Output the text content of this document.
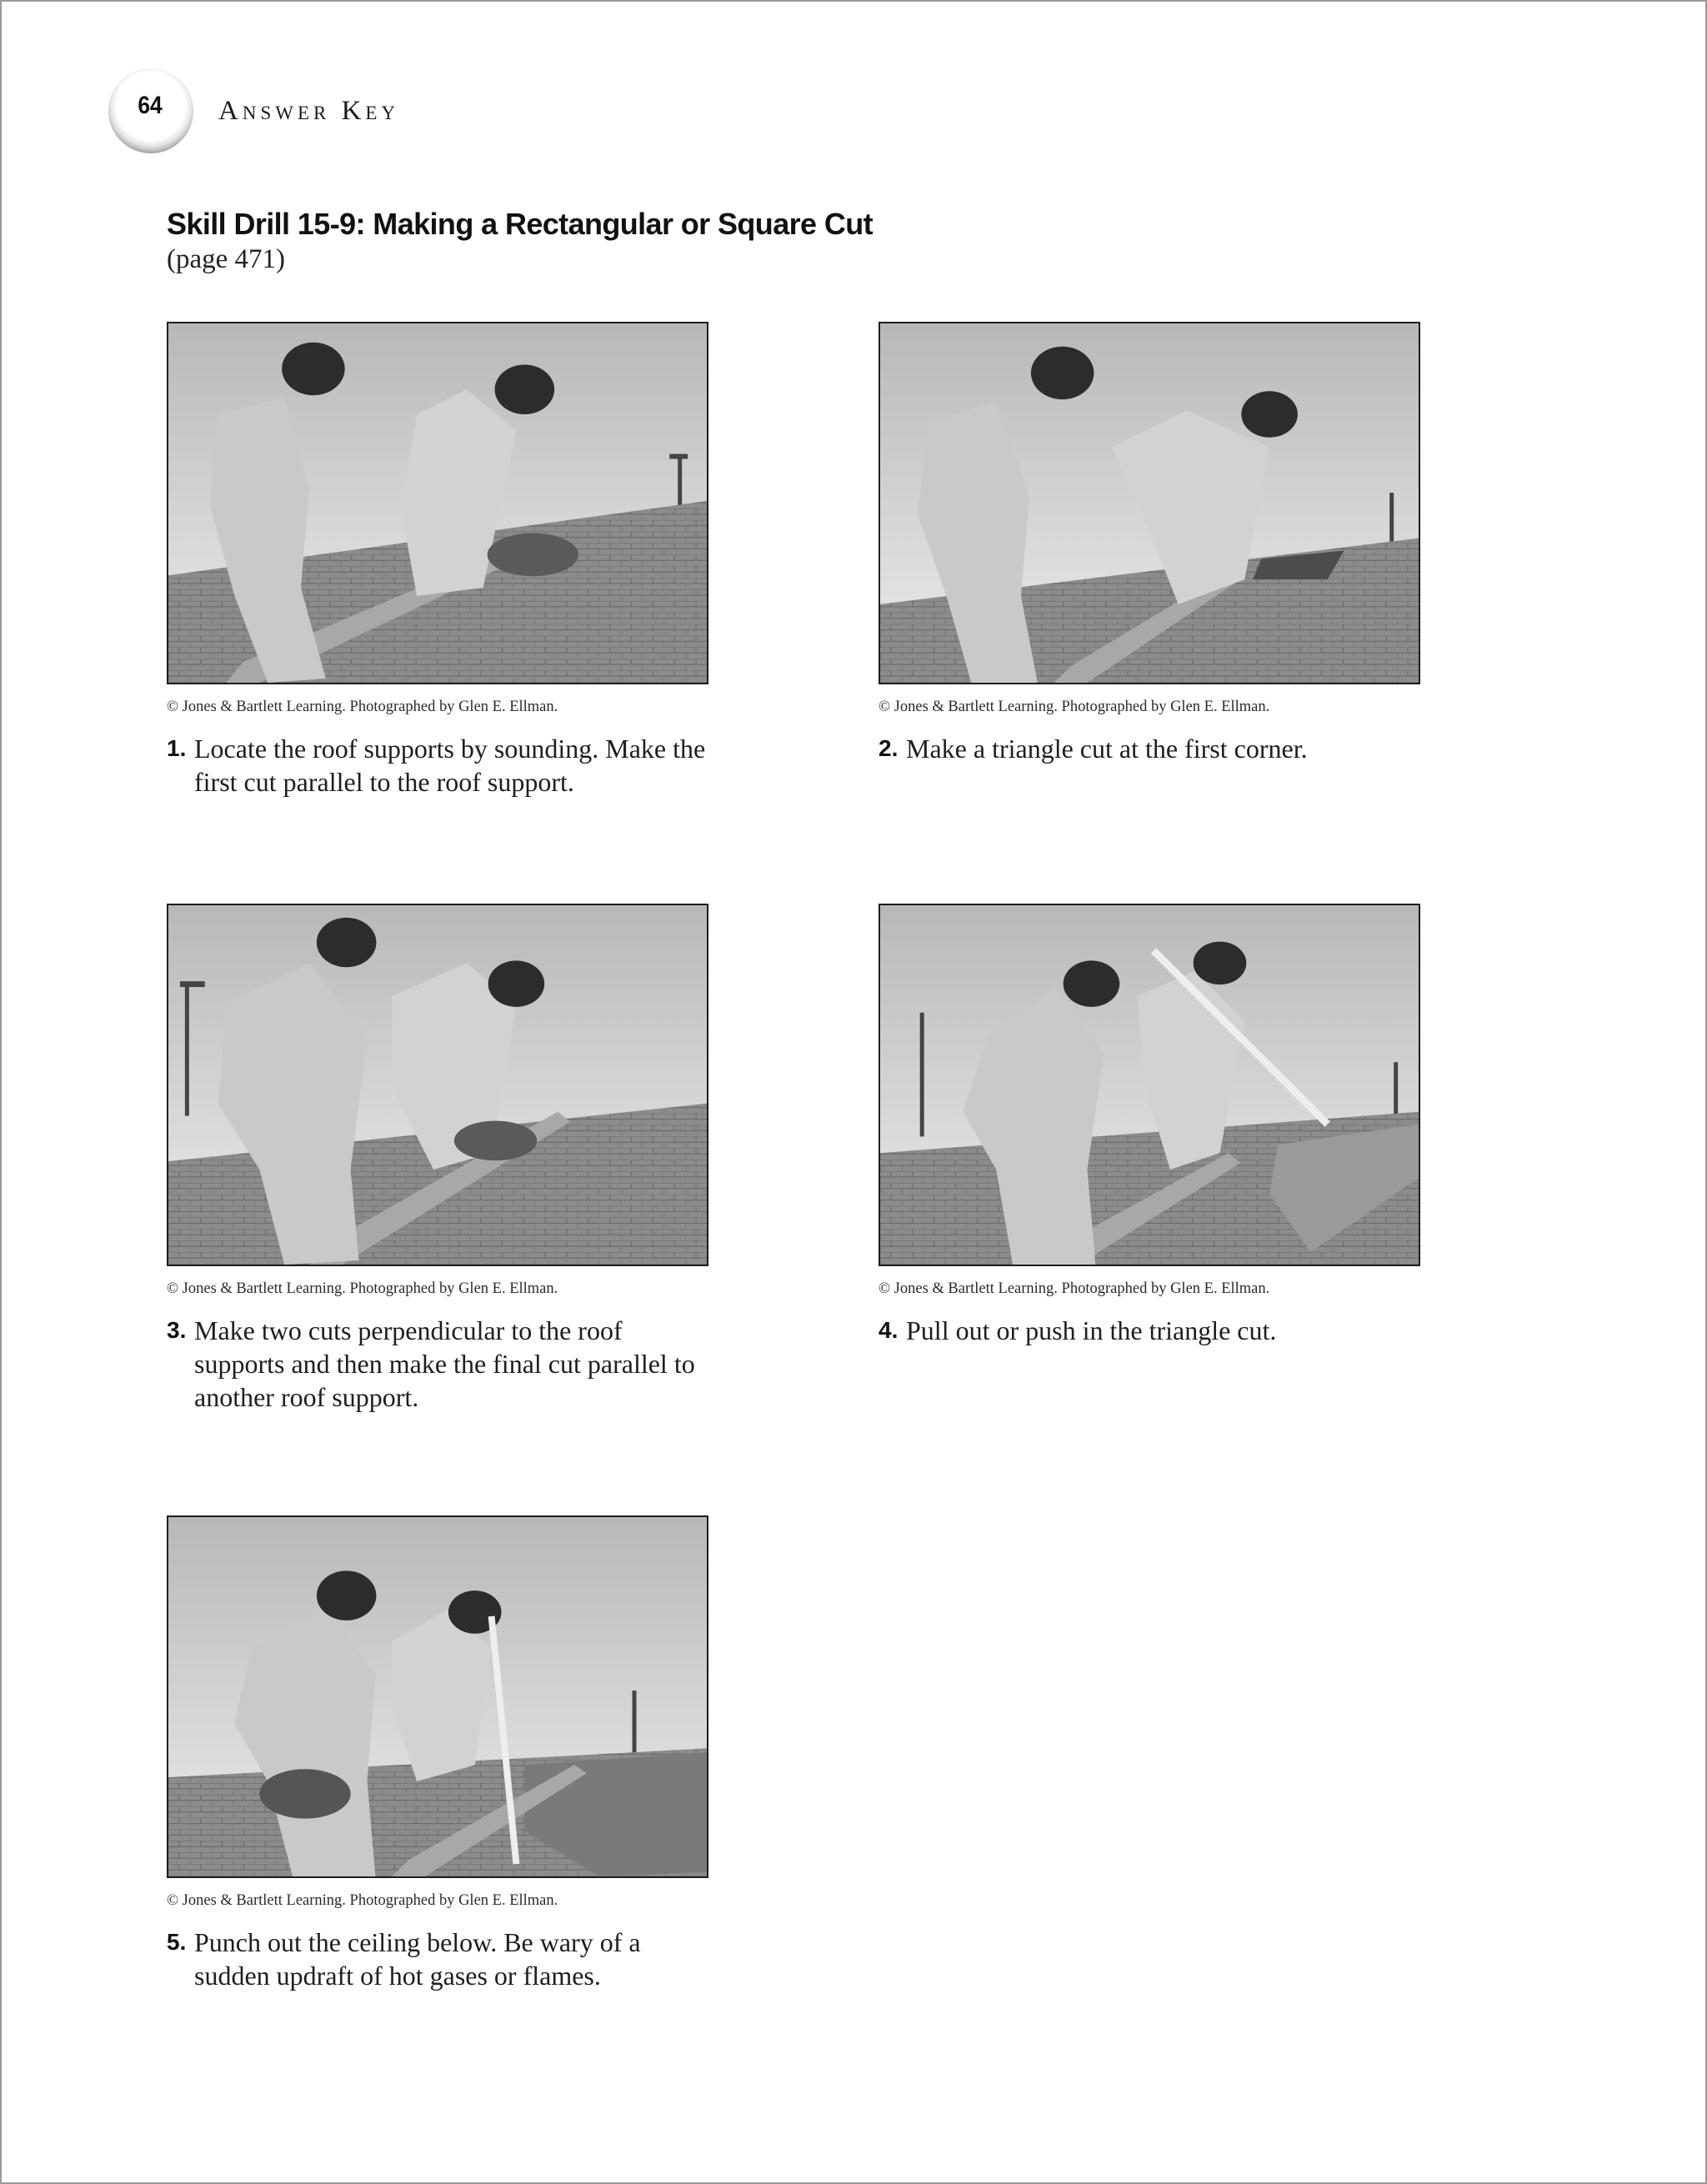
64 Answer Key
Skill Drill 15-9: Making a Rectangular or Square Cut
(page 471)
© Jones & Bartlett Learning. Photographed by Glen E. Ellman.
1. Locate the roof supports by sounding. Make the first cut parallel to the roof support.
© Jones & Bartlett Learning. Photographed by Glen E. Ellman.
2. Make a triangle cut at the first corner.
© Jones & Bartlett Learning. Photographed by Glen E. Ellman.
3. Make two cuts perpendicular to the roof supports and then make the final cut parallel to another roof support.
© Jones & Bartlett Learning. Photographed by Glen E. Ellman.
4. Pull out or push in the triangle cut.
© Jones & Bartlett Learning. Photographed by Glen E. Ellman.
5. Punch out the ceiling below. Be wary of a sudden updraft of hot gases or flames.
